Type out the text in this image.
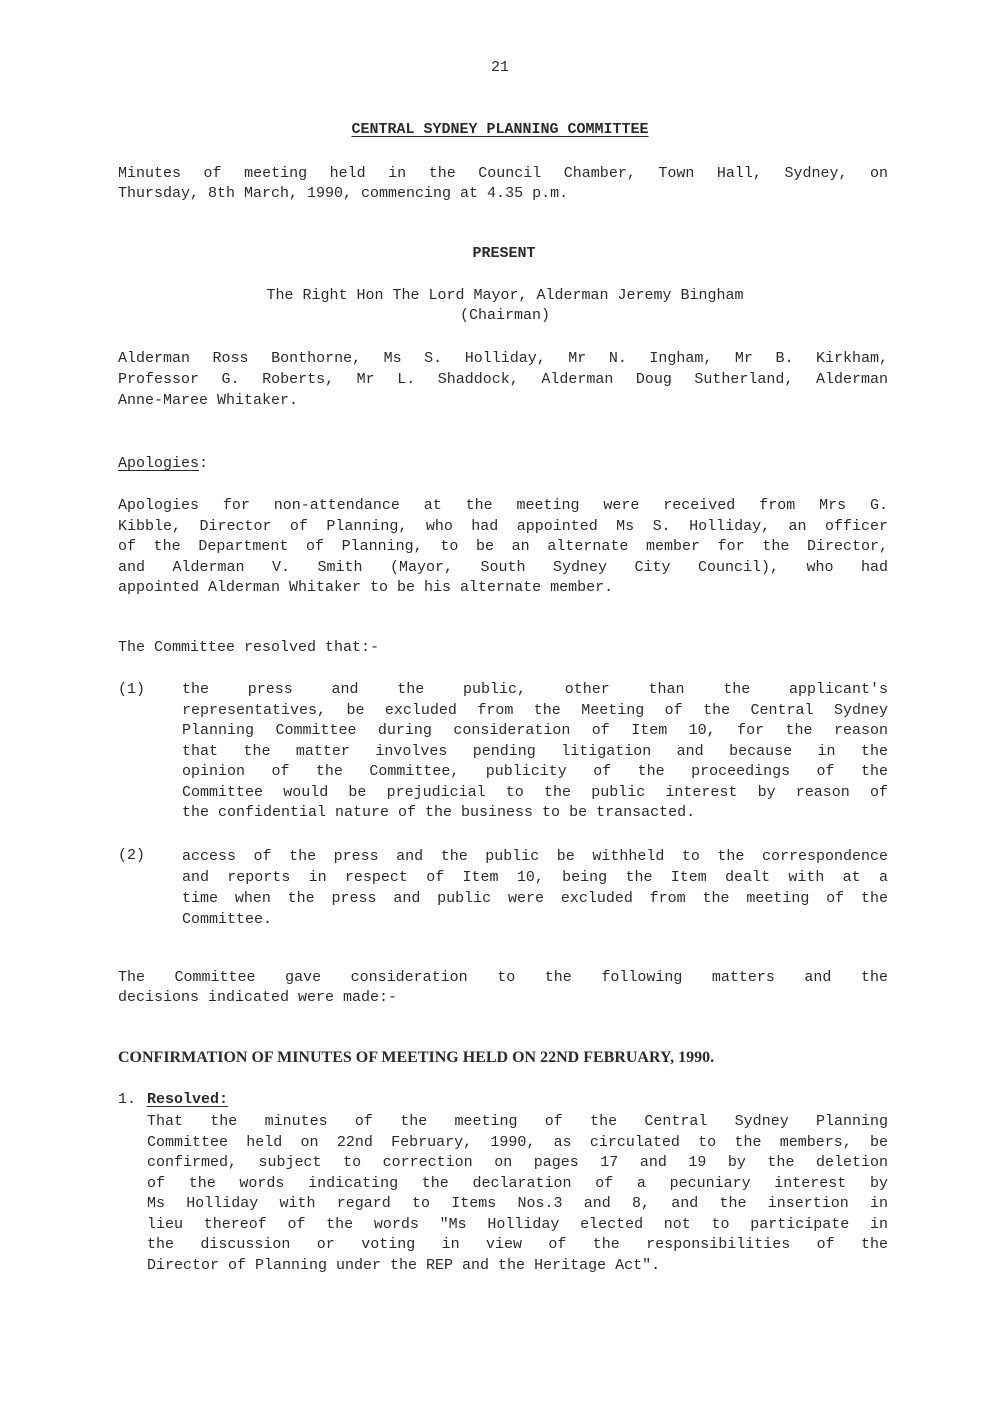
21
CENTRAL SYDNEY PLANNING COMMITTEE
Minutes of meeting held in the Council Chamber, Town Hall, Sydney, on
Thursday, 8th March, 1990, commencing at 4.35 p.m.
PRESENT
The Right Hon The Lord Mayor, Alderman Jeremy Bingham
(Chairman)
Alderman Ross Bonthorne, Ms S. Holliday, Mr N. Ingham, Mr B. Kirkham,
Professor G. Roberts, Mr L. Shaddock, Alderman Doug Sutherland, Alderman
Anne-Maree Whitaker.
Apologies:
Apologies for non-attendance at the meeting were received from Mrs G.
Kibble, Director of Planning, who had appointed Ms S. Holliday, an officer
of the Department of Planning, to be an alternate member for the Director,
and Alderman V. Smith (Mayor, South Sydney City Council), who had
appointed Alderman Whitaker to be his alternate member.
The Committee resolved that:-
(1) the press and the public, other than the applicant's
representatives, be excluded from the Meeting of the Central Sydney
Planning Committee during consideration of Item 10, for the reason
that the matter involves pending litigation and because in the
opinion of the Committee, publicity of the proceedings of the
Committee would be prejudicial to the public interest by reason of
the confidential nature of the business to be transacted.
(2) access of the press and the public be withheld to the correspondence
and reports in respect of Item 10, being the Item dealt with at a
time when the press and public were excluded from the meeting of the
Committee.
The Committee gave consideration to the following matters and the
decisions indicated were made:-
CONFIRMATION OF MINUTES OF MEETING HELD ON 22ND FEBRUARY, 1990.
1. Resolved:
That the minutes of the meeting of the Central Sydney Planning
Committee held on 22nd February, 1990, as circulated to the members, be
confirmed, subject to correction on pages 17 and 19 by the deletion
of the words indicating the declaration of a pecuniary interest by
Ms Holliday with regard to Items Nos.3 and 8, and the insertion in
lieu thereof of the words "Ms Holliday elected not to participate in
the discussion or voting in view of the responsibilities of the
Director of Planning under the REP and the Heritage Act".
